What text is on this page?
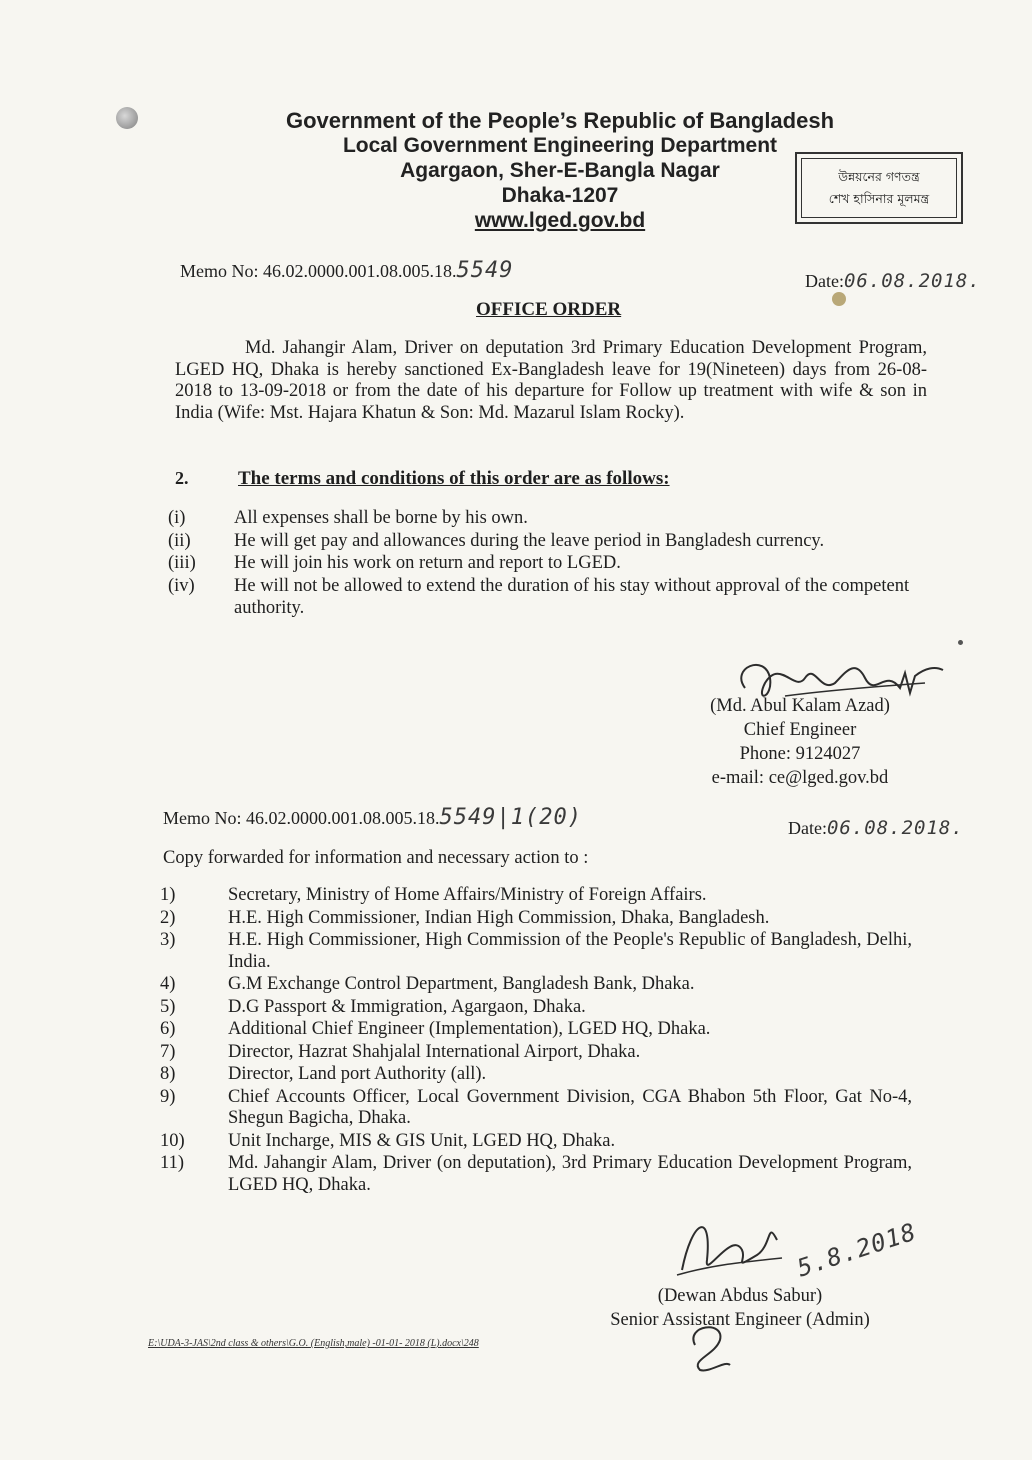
Government of the People’s Republic of Bangladesh
Local Government Engineering Department
Agargaon, Sher-E-Bangla Nagar
Dhaka-1207
www.lged.gov.bd
উন্নয়নের গণতন্ত্র
শেখ হাসিনার মূলমন্ত্র
Memo No: 46.02.0000.001.08.005.18.5549	Date:06.08.2018.
OFFICE ORDER
Md. Jahangir Alam, Driver on deputation 3rd Primary Education Development Program, LGED HQ, Dhaka is hereby sanctioned Ex-Bangladesh leave for 19(Nineteen) days from 26-08-2018 to 13-09-2018 or from the date of his departure for Follow up treatment with wife & son in India (Wife: Mst. Hajara Khatun & Son: Md. Mazarul Islam Rocky).
2.	The terms and conditions of this order are as follows:
(i)	All expenses shall be borne by his own.
(ii)	He will get pay and allowances during the leave period in Bangladesh currency.
(iii)	He will join his work on return and report to LGED.
(iv)	He will not be allowed to extend the duration of his stay without approval of the competent authority.
(Md. Abul Kalam Azad)
Chief Engineer
Phone: 9124027
e-mail: ce@lged.gov.bd
Memo No: 46.02.0000.001.08.005.18.5549|1(20)	Date:06.08.2018.
Copy forwarded for information and necessary action to :
1)	Secretary, Ministry of Home Affairs/Ministry of Foreign Affairs.
2)	H.E. High Commissioner, Indian High Commission, Dhaka, Bangladesh.
3)	H.E. High Commissioner, High Commission of the People's Republic of Bangladesh, Delhi, India.
4)	G.M Exchange Control Department, Bangladesh Bank, Dhaka.
5)	D.G Passport & Immigration, Agargaon, Dhaka.
6)	Additional Chief Engineer (Implementation), LGED HQ, Dhaka.
7)	Director, Hazrat Shahjalal International Airport, Dhaka.
8)	Director, Land port Authority (all).
9)	Chief Accounts Officer, Local Government Division, CGA Bhabon 5th Floor, Gat No-4, Shegun Bagicha, Dhaka.
10)	Unit Incharge, MIS & GIS Unit, LGED HQ, Dhaka.
11)	Md. Jahangir Alam, Driver (on deputation), 3rd Primary Education Development Program, LGED HQ, Dhaka.
5.8.2018
(Dewan Abdus Sabur)
Senior Assistant Engineer (Admin)
E:\UDA-3-JAS\2nd class & others\G.O. (English,male) -01-01- 2018 (L).docx\248
